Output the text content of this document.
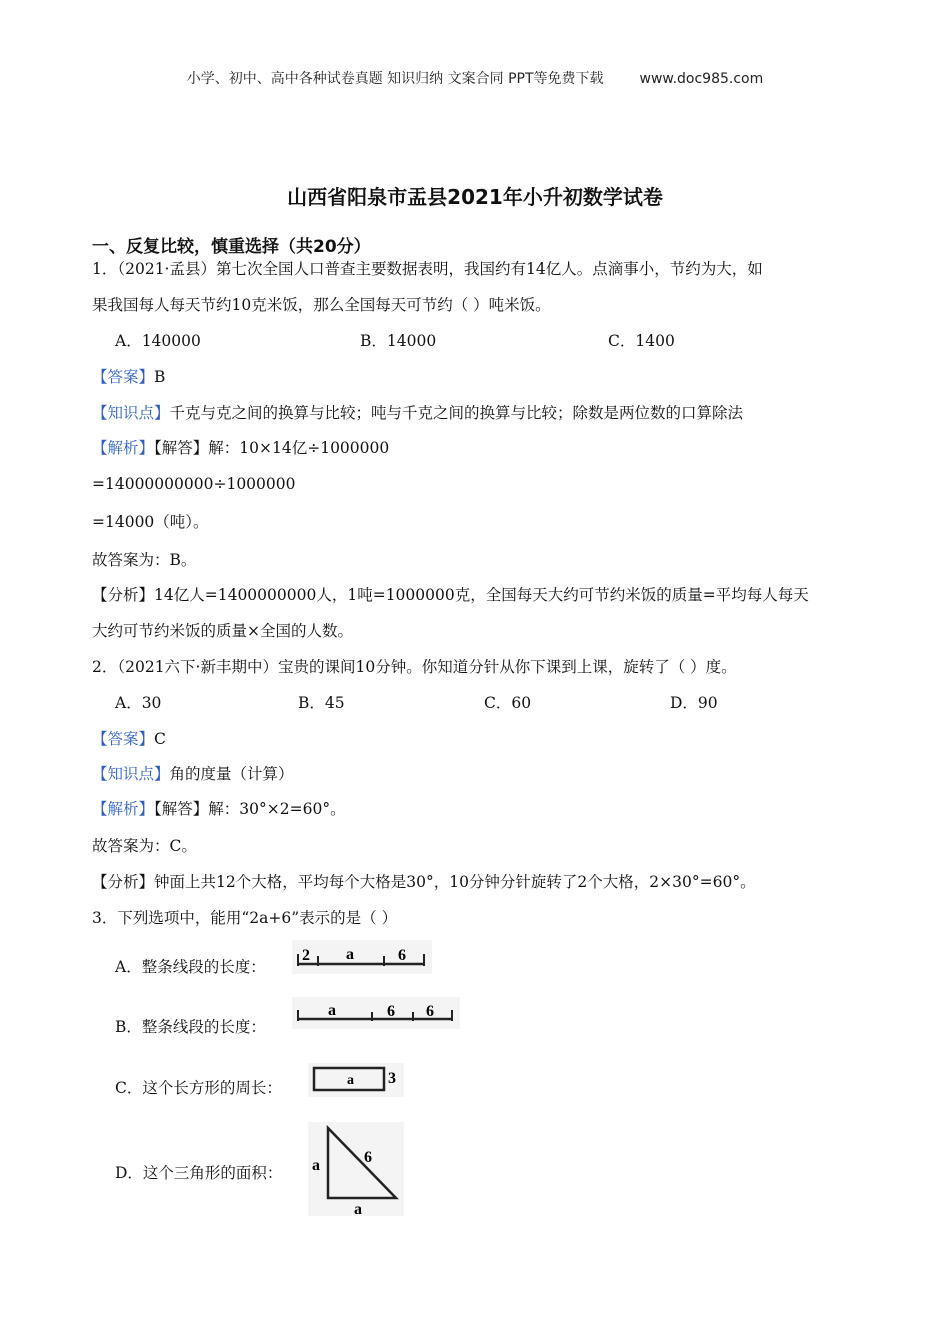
小学、初中、高中各种试卷真题 知识归纳 文案合同 PPT等免费下载	www.doc985.com
山西省阳泉市盂县2021年小升初数学试卷
一、反复比较，慎重选择（共20分）
1．（2021·孟县）第七次全国人口普查主要数据表明，我国约有14亿人。点滴事小，节约为大，如
果我国每人每天节约10克米饭，那么全国每天可节约（ ）吨米饭。
A．140000	B．14000	C．1400
【答案】B
【知识点】千克与克之间的换算与比较；吨与千克之间的换算与比较；除数是两位数的口算除法
【解析】【解答】解：10×14亿÷1000000
=14000000000÷1000000
=14000（吨）。
故答案为：B。
【分析】14亿人=1400000000人，1吨=1000000克，全国每天大约可节约米饭的质量=平均每人每天
大约可节约米饭的质量×全国的人数。
2．（2021六下·新丰期中）宝贵的课间10分钟。你知道分针从你下课到上课，旋转了（ ）度。
A．30	B．45	C．60	D．90
【答案】C
【知识点】角的度量（计算）
【解析】【解答】解：30°×2=60°。
故答案为：C。
【分析】钟面上共12个大格，平均每个大格是30°，10分钟分针旋转了2个大格，2×30°=60°。
3．下列选项中，能用“2a+6”表示的是（ ）
A．整条线段的长度：
B．整条线段的长度：
C．这个长方形的周长：
D．这个三角形的面积：
2 a	6
a	6 6
a 3
a	6
a
